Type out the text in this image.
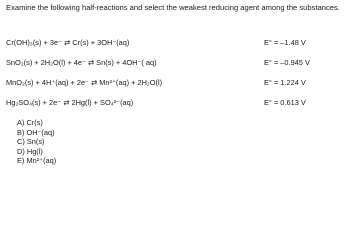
Examine the following half-reactions and select the weakest reducing agent among the substances.
Cr(OH)₃(s) + 3e⁻ ⇄ Cr(s) + 3OH⁻(aq)	E° = –1.48 V
SnO₂(s) + 2H₂O(l) + 4e⁻ ⇄ Sn(s) + 4OH⁻( aq)	E° = –0.945 V
MnO₂(s) + 4H⁺(aq) + 2e⁻ ⇄ Mn²⁺(aq) + 2H₂O(l)	E° = 1.224 V
Hg₂SO₄(s) + 2e⁻ ⇄ 2Hg(l) + SO₄²⁻(aq)	E° = 0.613 V
A) Cr(s)
B) OH⁻(aq)
C) Sn(s)
D) Hg(l)
E) Mn²⁺(aq)
